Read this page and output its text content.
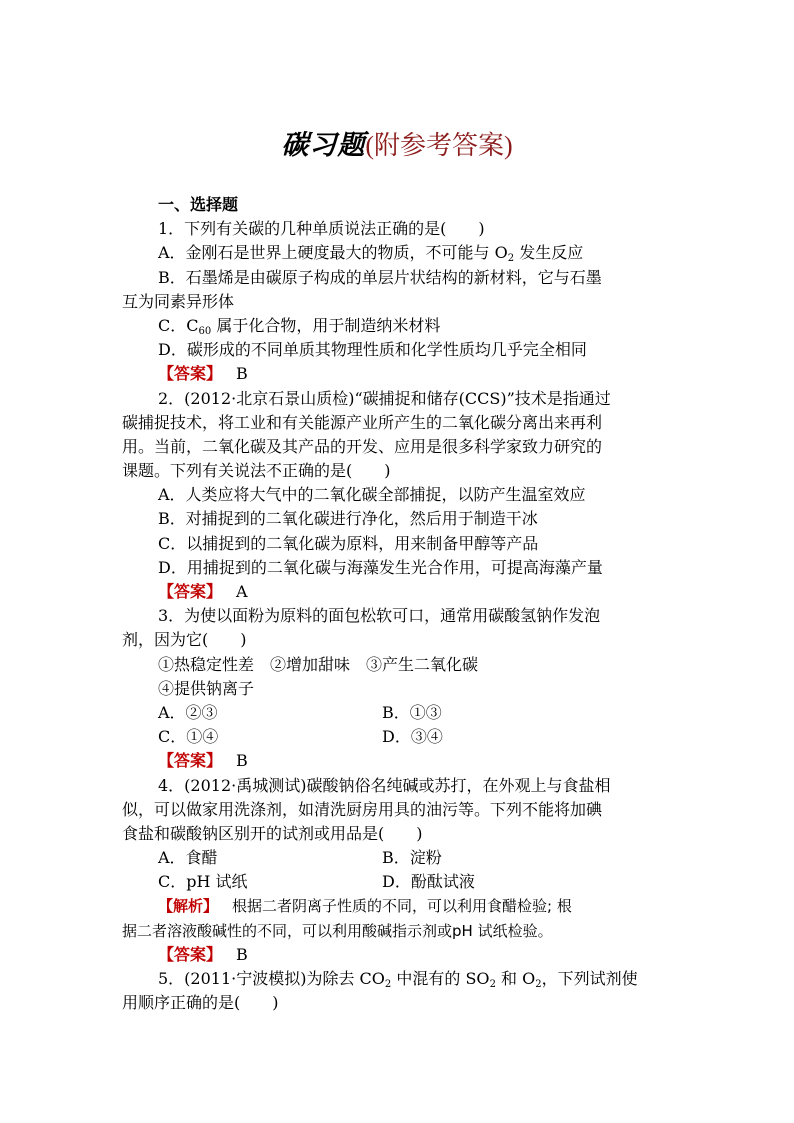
碳习题(附参考答案)
一、选择题
1．下列有关碳的几种单质说法正确的是(　　)
A．金刚石是世界上硬度最大的物质，不可能与 $O_2$ 发生反应
B．石墨烯是由碳原子构成的单层片状结构的新材料，它与石墨
互为同素异形体
C．$C_{60}$ 属于化合物，用于制造纳米材料
D．碳形成的不同单质其物理性质和化学性质均几乎完全相同
【答案】 B
2．(2012·北京石景山质检)“碳捕捉和储存(CCS)”技术是指通过
碳捕捉技术，将工业和有关能源产业所产生的二氧化碳分离出来再利
用。当前，二氧化碳及其产品的开发、应用是很多科学家致力研究的
课题。下列有关说法不正确的是(　　)
A．人类应将大气中的二氧化碳全部捕捉，以防产生温室效应
B．对捕捉到的二氧化碳进行净化，然后用于制造干冰
C．以捕捉到的二氧化碳为原料，用来制备甲醇等产品
D．用捕捉到的二氧化碳与海藻发生光合作用，可提高海藻产量
【答案】 A
3．为使以面粉为原料的面包松软可口，通常用碳酸氢钠作发泡
剂，因为它(　　)
①热稳定性差　②增加甜味　③产生二氧化碳
④提供钠离子
A．②③	B．①③
C．①④	D．③④
【答案】 B
4．(2012·禹城测试)碳酸钠俗名纯碱或苏打，在外观上与食盐相
似，可以做家用洗涤剂，如清洗厨房用具的油污等。下列不能将加碘
食盐和碳酸钠区别开的试剂或用品是(　　)
A．食醋	B．淀粉
C．pH 试纸	D．酚酞试液
【解析】 根据二者阴离子性质的不同，可以利用食醋检验; 根
据二者溶液酸碱性的不同，可以利用酸碱指示剂或pH 试纸检验。
【答案】 B
5．(2011·宁波模拟)为除去 $CO_2$ 中混有的 $SO_2$ 和 $O_2$，下列试剂使
用顺序正确的是(　　)
